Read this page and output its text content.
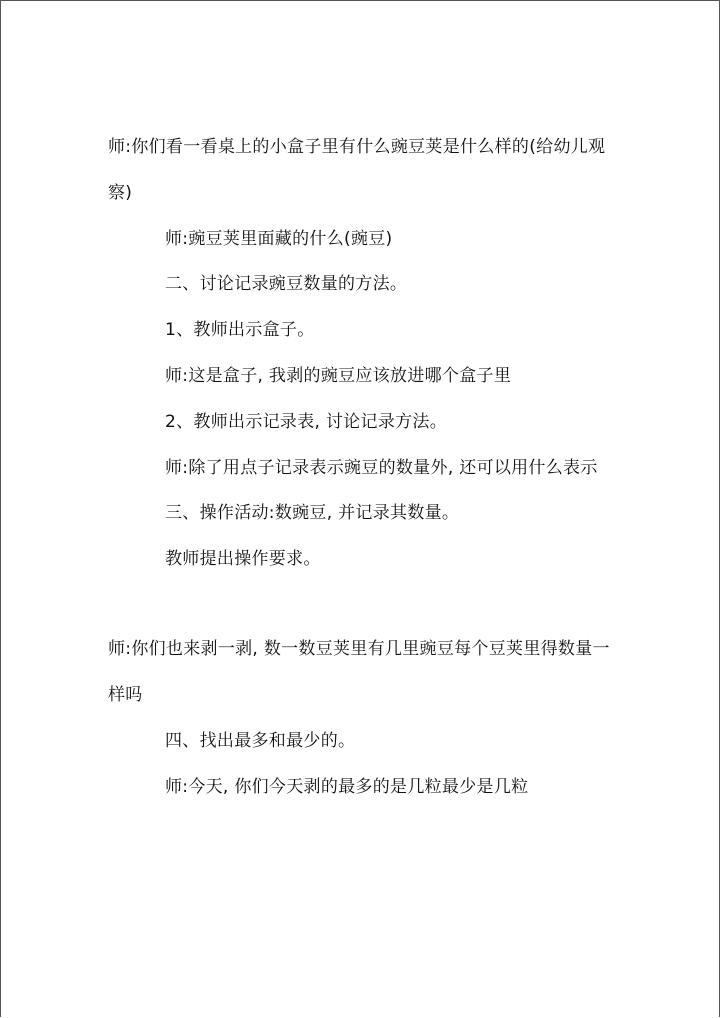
师:你们看一看桌上的小盒子里有什么豌豆荚是什么样的(给幼儿观
察)
师:豌豆荚里面藏的什么(豌豆)
二、讨论记录豌豆数量的方法。
1、教师出示盒子。
师:这是盒子, 我剥的豌豆应该放进哪个盒子里
2、教师出示记录表, 讨论记录方法。
师:除了用点子记录表示豌豆的数量外, 还可以用什么表示
三、操作活动:数豌豆, 并记录其数量。
教师提出操作要求。
师:你们也来剥一剥, 数一数豆荚里有几里豌豆每个豆荚里得数量一
样吗
四、找出最多和最少的。
师:今天, 你们今天剥的最多的是几粒最少是几粒
